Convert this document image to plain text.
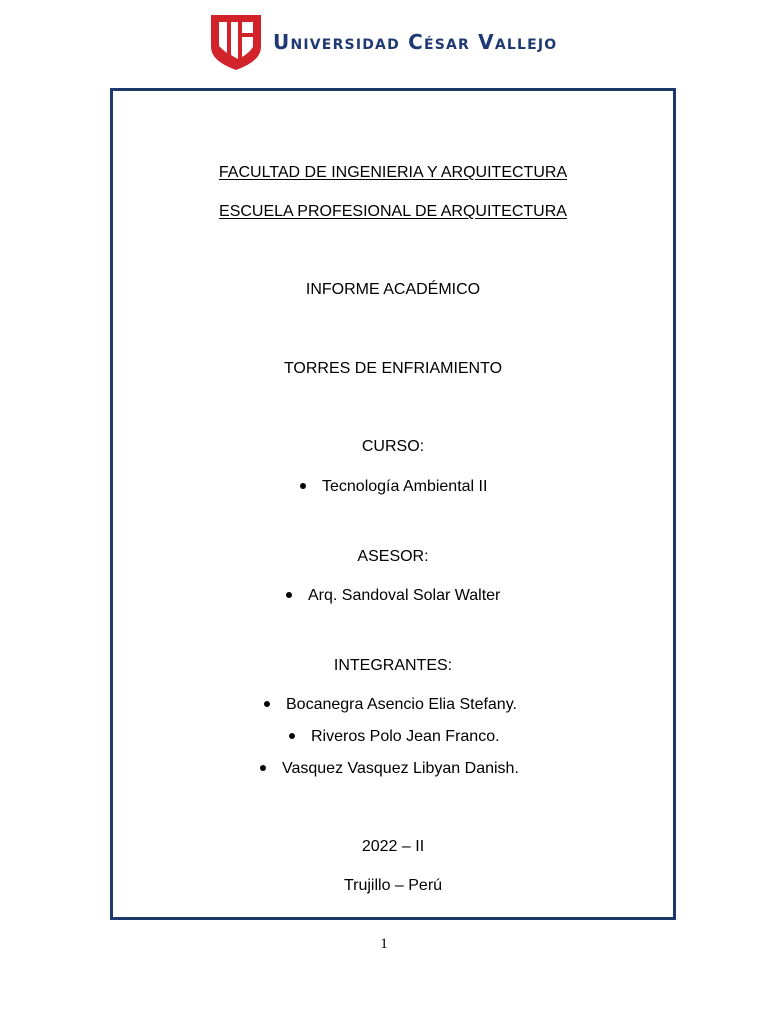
Universidad César Vallejo
FACULTAD DE INGENIERIA Y ARQUITECTURA
ESCUELA PROFESIONAL DE ARQUITECTURA
INFORME ACADÉMICO
TORRES DE ENFRIAMIENTO
CURSO:
Tecnología Ambiental II
ASESOR:
Arq. Sandoval Solar Walter
INTEGRANTES:
Bocanegra Asencio Elia Stefany.
Riveros Polo Jean Franco.
Vasquez Vasquez Libyan Danish.
2022 – II
Trujillo – Perú
1
